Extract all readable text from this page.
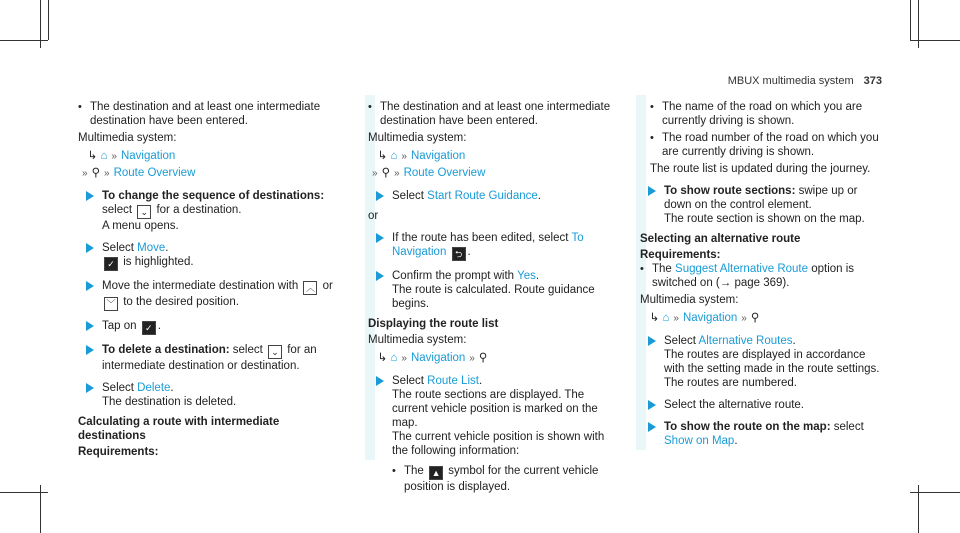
MBUX multimedia system 373
• The destination and at least one intermediate destination have been entered.
Multimedia system:
↳ ⌂ » Navigation
» ⚲ » Route Overview
To change the sequence of destinations: select ⌄ for a destination.
A menu opens.
Select Move.
✓ is highlighted.
Move the intermediate destination with ︿ or ﹀ to the desired position.
Tap on ✓ .
To delete a destination: select ⌄ for an intermediate destination or destination.
Select Delete.
The destination is deleted.
Calculating a route with intermediate destinations
Requirements:
• The destination and at least one intermediate destination have been entered.
Multimedia system:
↳ ⌂ » Navigation
» ⚲ » Route Overview
Select Start Route Guidance.
or
If the route has been edited, select To Navigation ⮌ .
Confirm the prompt with Yes.
The route is calculated. Route guidance begins.
Displaying the route list
Multimedia system:
↳ ⌂ » Navigation » ⚲
Select Route List.
The route sections are displayed. The current vehicle position is marked on the map.
The current vehicle position is shown with the following information:
• The ▲ symbol for the current vehicle position is displayed.
• The name of the road on which you are currently driving is shown.
• The road number of the road on which you are currently driving is shown.
The route list is updated during the journey.
To show route sections: swipe up or down on the control element.
The route section is shown on the map.
Selecting an alternative route
Requirements:
• The Suggest Alternative Route option is switched on (→ page 369).
Multimedia system:
↳ ⌂ » Navigation » ⚲
Select Alternative Routes.
The routes are displayed in accordance with the setting made in the route settings.
The routes are numbered.
Select the alternative route.
To show the route on the map: select
Show on Map.
